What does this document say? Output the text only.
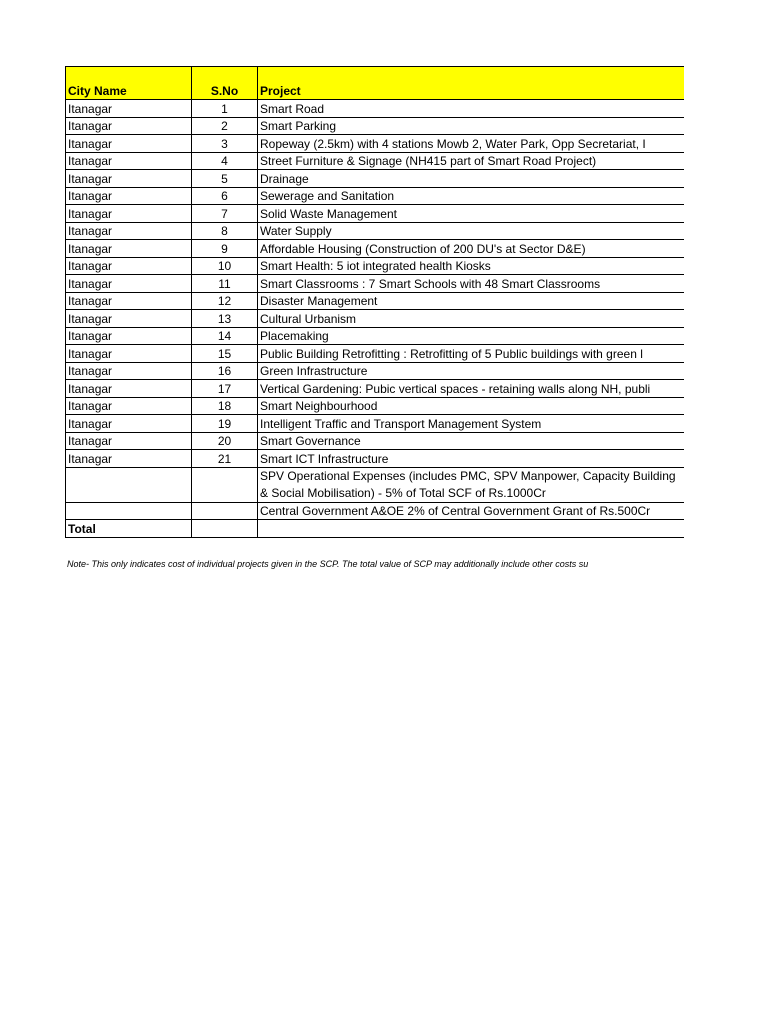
City Name	S.No	Project
Itanagar	1	Smart Road
Itanagar	2	Smart Parking
Itanagar	3	Ropeway (2.5km) with 4 stations Mowb 2, Water Park, Opp Secretariat, I
Itanagar	4	Street Furniture & Signage (NH415 part of Smart Road Project)
Itanagar	5	Drainage
Itanagar	6	Sewerage and Sanitation
Itanagar	7	Solid Waste Management
Itanagar	8	Water Supply
Itanagar	9	Affordable Housing (Construction of 200 DU's at Sector D&E)
Itanagar	10	Smart Health: 5 iot integrated health Kiosks
Itanagar	11	Smart Classrooms : 7 Smart Schools with 48 Smart Classrooms
Itanagar	12	Disaster Management
Itanagar	13	Cultural Urbanism
Itanagar	14	Placemaking
Itanagar	15	Public Building Retrofitting : Retrofitting of 5 Public buildings with green l
Itanagar	16	Green Infrastructure
Itanagar	17	Vertical Gardening: Pubic vertical spaces - retaining walls along NH, publi
Itanagar	18	Smart Neighbourhood
Itanagar	19	Intelligent Traffic and Transport Management System
Itanagar	20	Smart Governance
Itanagar	21	Smart ICT Infrastructure
		SPV Operational Expenses (includes PMC, SPV Manpower, Capacity Building & Social Mobilisation) - 5% of Total SCF of Rs.1000Cr
		Central Government A&OE 2% of Central Government Grant of Rs.500Cr
Total		
Note- This only indicates cost of individual projects given in the SCP. The total value of SCP may additionally include other costs su
